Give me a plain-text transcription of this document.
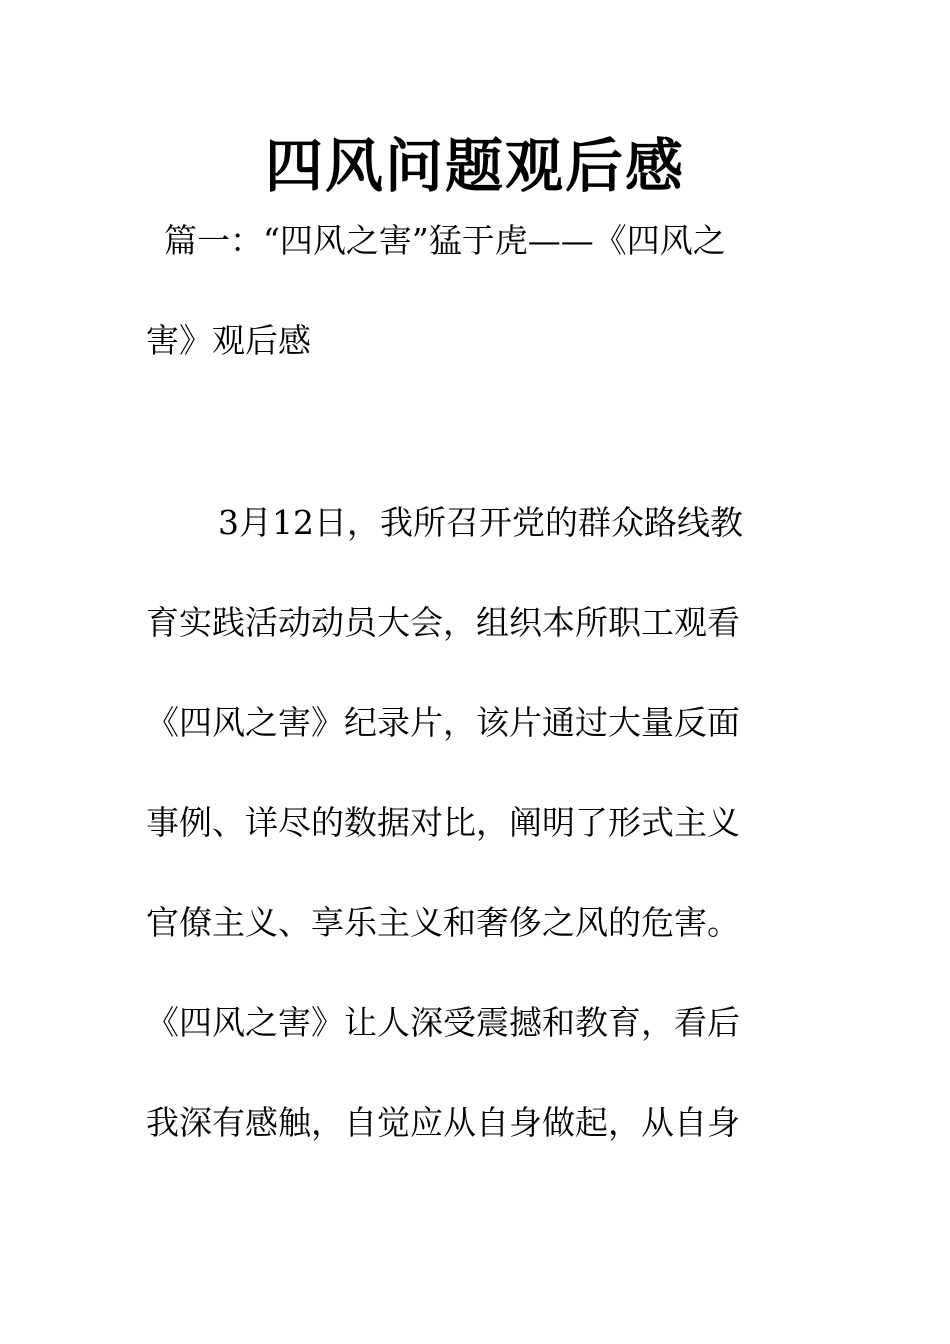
四风问题观后感
篇一：“四风之害”猛于虎——《四风之
害》观后感
3月12日，我所召开党的群众路线教
育实践活动动员大会，组织本所职工观看
《四风之害》纪录片，该片通过大量反面
事例、详尽的数据对比，阐明了形式主义
官僚主义、享乐主义和奢侈之风的危害。
《四风之害》让人深受震撼和教育，看后
我深有感触，自觉应从自身做起，从自身
